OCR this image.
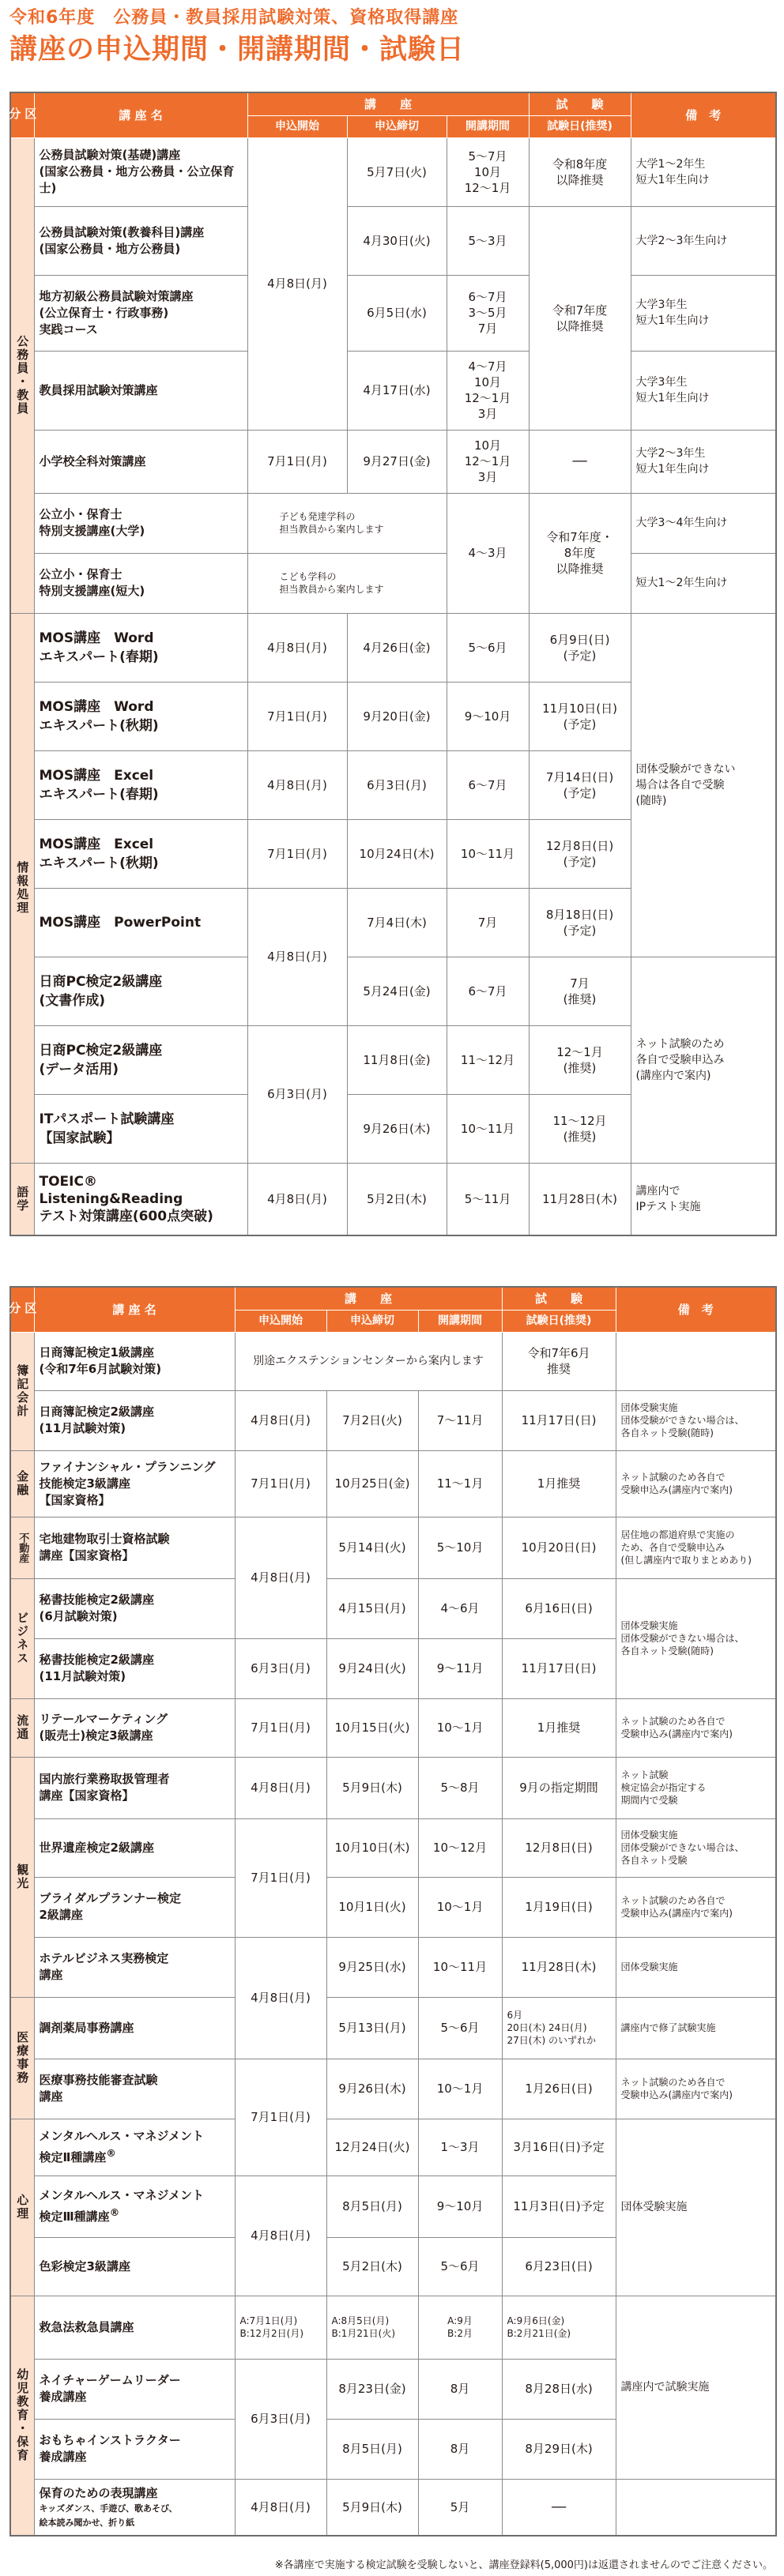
令和6年度　公務員・教員採用試験対策、資格取得講座
講座の申込期間・開講期間・試験日
区
分	講 座 名	講　　座			試　　験	備　考
		申込開始	申込締切	開講期間	試験日(推奨)	
公務員・教員	公務員試験対策(基礎)講座
(国家公務員・地方公務員・公立保育士)	4月8日(月)	5月7日(火)	5〜7月
10月
12〜1月	令和8年度
以降推奨	大学1〜2年生
短大1年生向け
	公務員試験対策(教養科目)講座
(国家公務員・地方公務員)		4月30日(火)	5〜3月	令和7年度
以降推奨	大学2〜3年生向け
	地方初級公務員試験対策講座
(公立保育士・行政事務)
実践コース		6月5日(水)	6〜7月
3〜5月
7月		大学3年生
短大1年生向け
	教員採用試験対策講座		4月17日(水)	4〜7月
10月
12〜1月
3月		大学3年生
短大1年生向け
	小学校全科対策講座	7月1日(月)	9月27日(金)	10月
12〜1月
3月	──	大学2〜3年生
短大1年生向け
	公立小・保育士
特別支援講座(大学)	子ども発達学科の
担当教員から案内します		4〜3月	令和7年度・
8年度
以降推奨	大学3〜4年生向け
	公立小・保育士
特別支援講座(短大)	こども学科の
担当教員から案内します				短大1〜2年生向け
情報処理	MOS講座　Word
エキスパート(春期)	4月8日(月)	4月26日(金)	5〜6月	6月9日(日)
(予定)	団体受験ができない
場合は各自で受験
(随時)
	MOS講座　Word
エキスパート(秋期)	7月1日(月)	9月20日(金)	9〜10月	11月10日(日)
(予定)	
	MOS講座　Excel
エキスパート(春期)	4月8日(月)	6月3日(月)	6〜7月	7月14日(日)
(予定)	
	MOS講座　Excel
エキスパート(秋期)	7月1日(月)	10月24日(木)	10〜11月	12月8日(日)
(予定)	
	MOS講座　PowerPoint	4月8日(月)	7月4日(木)	7月	8月18日(日)
(予定)	
	日商PC検定2級講座
(文書作成)		5月24日(金)	6〜7月	7月
(推奨)	ネット試験のため
各自で受験申込み
(講座内で案内)
	日商PC検定2級講座
(データ活用)	6月3日(月)	11月8日(金)	11〜12月	12〜1月
(推奨)	
	ITパスポート試験講座
【国家試験】		9月26日(木)	10〜11月	11〜12月
(推奨)	
語学	TOEIC®
Listening&Reading
テスト対策講座(600点突破)	4月8日(月)	5月2日(木)	5〜11月	11月28日(木)	講座内で
IPテスト実施
区
分	講 座 名	講　　座			試　　験	備　考
		申込開始	申込締切	開講期間	試験日(推奨)	
簿記会計	日商簿記検定1級講座
(令和7年6月試験対策)	別途エクステンションセンターから案内します			令和7年6月
推奨	
	日商簿記検定2級講座
(11月試験対策)	4月8日(月)	7月2日(火)	7〜11月	11月17日(日)	団体受験実施
団体受験ができない場合は、
各自ネット受験(随時)
金融	ファイナンシャル・プランニング
技能検定3級講座
【国家資格】	7月1日(月)	10月25日(金)	11〜1月	1月推奨	ネット試験のため各自で
受験申込み(講座内で案内)
不動産	宅地建物取引士資格試験
講座【国家資格】	4月8日(月)	5月14日(火)	5〜10月	10月20日(日)	居住地の都道府県で実施の
ため、各自で受験申込み
(但し講座内で取りまとめあり)
ビジネス	秘書技能検定2級講座
(6月試験対策)		4月15日(月)	4〜6月	6月16日(日)	団体受験実施
団体受験ができない場合は、
各自ネット受験(随時)
	秘書技能検定2級講座
(11月試験対策)	6月3日(月)	9月24日(火)	9〜11月	11月17日(日)	
流通	リテールマーケティング
(販売士)検定3級講座	7月1日(月)	10月15日(火)	10〜1月	1月推奨	ネット試験のため各自で
受験申込み(講座内で案内)
観光	国内旅行業務取扱管理者
講座【国家資格】	4月8日(月)	5月9日(木)	5〜8月	9月の指定期間	ネット試験
検定協会が指定する
期間内で受験
	世界遺産検定2級講座	7月1日(月)	10月10日(木)	10〜12月	12月8日(日)	団体受験実施
団体受験ができない場合は、
各自ネット受験
	ブライダルプランナー検定
2級講座		10月1日(火)	10〜1月	1月19日(日)	ネット試験のため各自で
受験申込み(講座内で案内)
	ホテルビジネス実務検定
講座	4月8日(月)	9月25日(水)	10〜11月	11月28日(木)	団体受験実施
医療事務	調剤薬局事務講座		5月13日(月)	5〜6月	6月
20日(木) 24日(月)
27日(木) のいずれか	講座内で修了試験実施
	医療事務技能審査試験
講座	7月1日(月)	9月26日(木)	10〜1月	1月26日(日)	ネット試験のため各自で
受験申込み(講座内で案内)
心理	メンタルヘルス・マネジメント
検定Ⅱ種講座®		12月24日(火)	1〜3月	3月16日(日)予定	団体受験実施
	メンタルヘルス・マネジメント
検定Ⅲ種講座®	4月8日(月)	8月5日(月)	9〜10月	11月3日(日)予定	
	色彩検定3級講座		5月2日(木)	5〜6月	6月23日(日)	
幼児教育・保育	救急法救急員講座	A:7月1日(月)
B:12月2日(月)	A:8月5日(月)
B:1月21日(火)	A:9月
B:2月	A:9月6日(金)
B:2月21日(金)	講座内で試験実施
	ネイチャーゲームリーダー
養成講座	6月3日(月)	8月23日(金)	8月	8月28日(水)	
	おもちゃインストラクター
養成講座		8月5日(月)	8月	8月29日(木)	
	保育のための表現講座
キッズダンス、手遊び、歌あそび、
絵本読み聞かせ、折り紙	4月8日(月)	5月9日(木)	5月	──	
※各講座で実施する検定試験を受験しないと、講座登録料(5,000円)は返還されませんのでご注意ください。
